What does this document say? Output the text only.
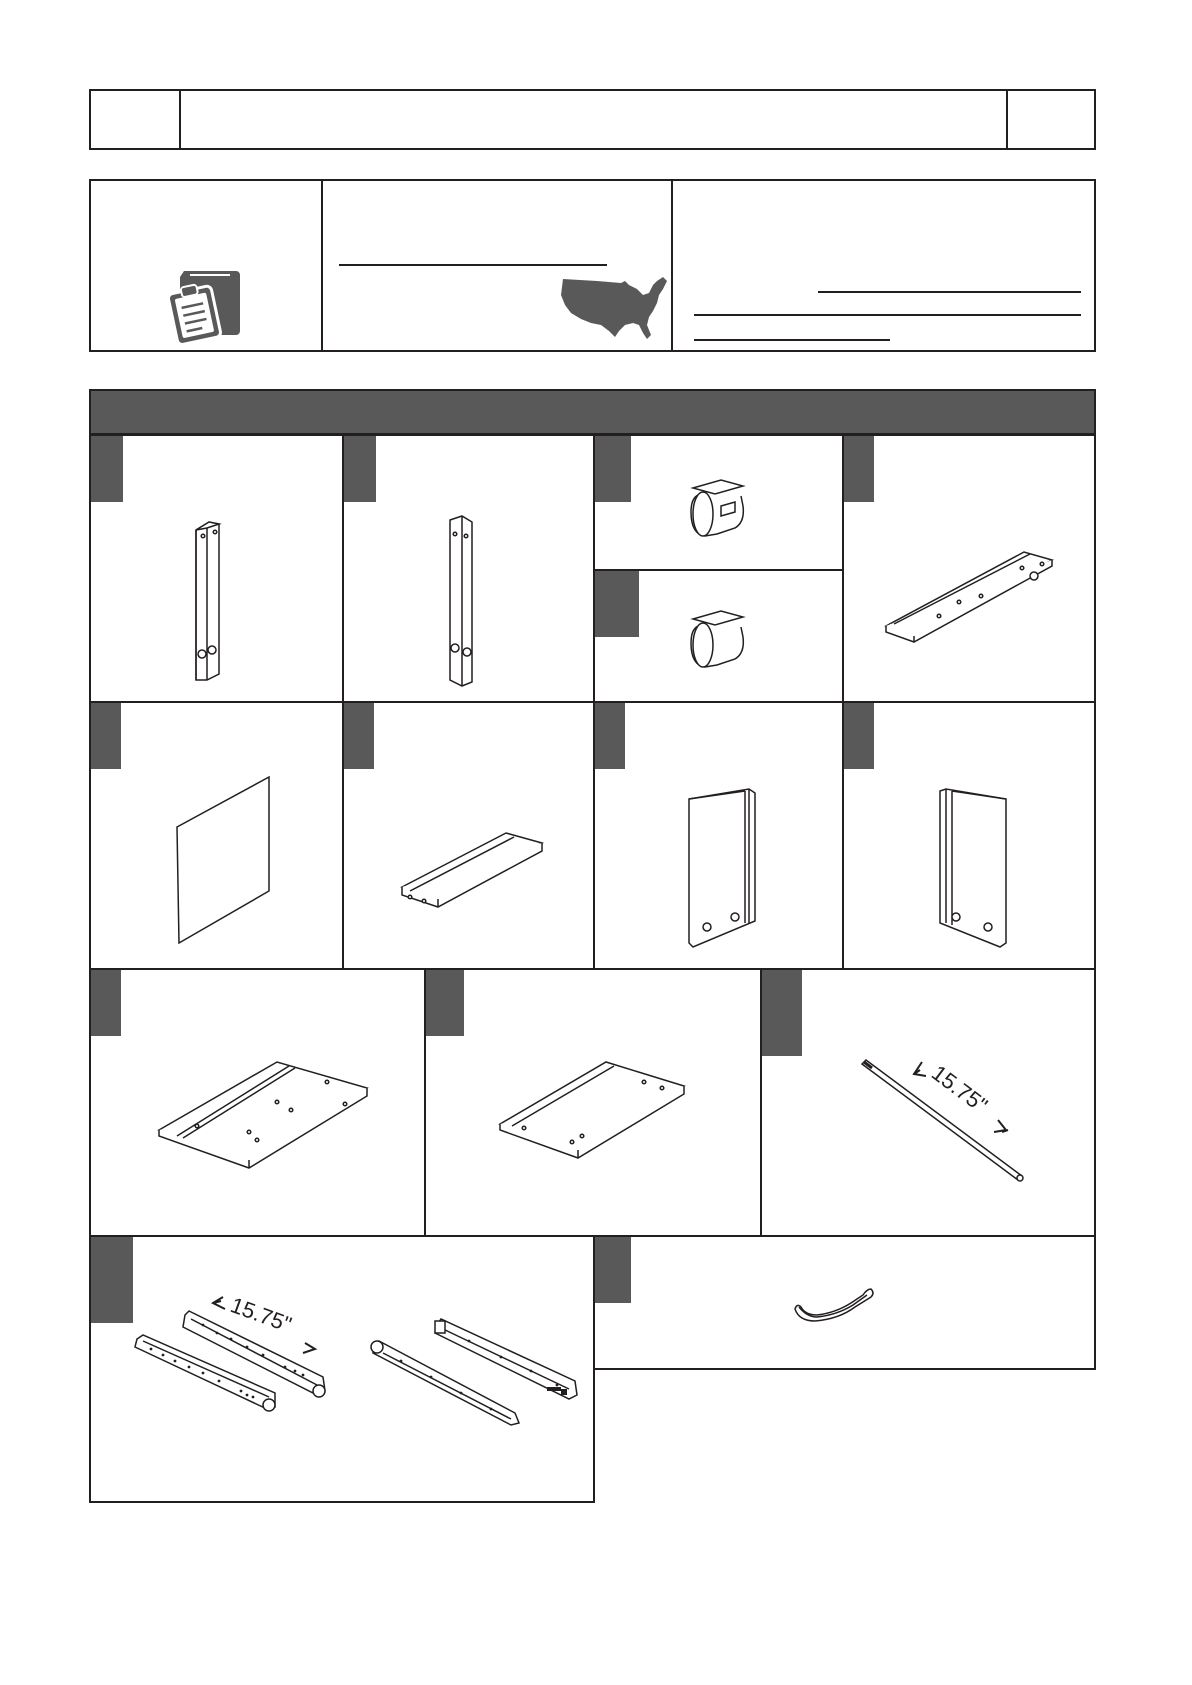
15.75"
15.75"
